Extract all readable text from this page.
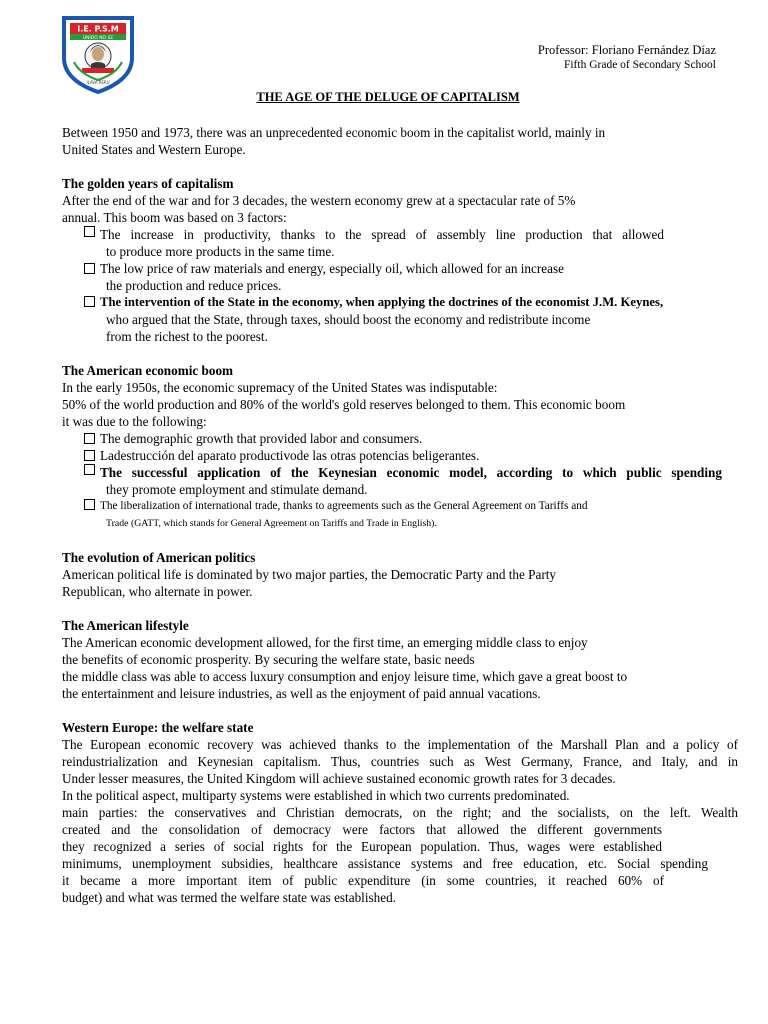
I.E. P.S.M
UNIDO NO SE
ILAVA PERU
Professor: Floriano Fernández Díaz
Fifth Grade of Secondary School
THE AGE OF THE DELUGE OF CAPITALISM
Between 1950 and 1973, there was an unprecedented economic boom in the capitalist world, mainly in
United States and Western Europe.
The golden years of capitalism
After the end of the war and for 3 decades, the western economy grew at a spectacular rate of 5%
annual. This boom was based on 3 factors:
The increase in productivity, thanks to the spread of assembly line production that allowed
to produce more products in the same time.
The low price of raw materials and energy, especially oil, which allowed for an increase
the production and reduce prices.
The intervention of the State in the economy, when applying the doctrines of the economist J.M. Keynes,
who argued that the State, through taxes, should boost the economy and redistribute income
from the richest to the poorest.
The American economic boom
In the early 1950s, the economic supremacy of the United States was indisputable:
50% of the world production and 80% of the world's gold reserves belonged to them. This economic boom
it was due to the following:
The demographic growth that provided labor and consumers.
Ladestrucción del aparato productivode las otras potencias beligerantes.
The successful application of the Keynesian economic model, according to which public spending
they promote employment and stimulate demand.
The liberalization of international trade, thanks to agreements such as the General Agreement on Tariffs and
Trade (GATT, which stands for General Agreement on Tariffs and Trade in English).
The evolution of American politics
American political life is dominated by two major parties, the Democratic Party and the Party
Republican, who alternate in power.
The American lifestyle
The American economic development allowed, for the first time, an emerging middle class to enjoy
the benefits of economic prosperity. By securing the welfare state, basic needs
the middle class was able to access luxury consumption and enjoy leisure time, which gave a great boost to
the entertainment and leisure industries, as well as the enjoyment of paid annual vacations.
Western Europe: the welfare state
The European economic recovery was achieved thanks to the implementation of the Marshall Plan and a policy of
reindustrialization and Keynesian capitalism. Thus, countries such as West Germany, France, and Italy, and in
Under lesser measures, the United Kingdom will achieve sustained economic growth rates for 3 decades.
In the political aspect, multiparty systems were established in which two currents predominated.
main parties: the conservatives and Christian democrats, on the right; and the socialists, on the left. Wealth
created and the consolidation of democracy were factors that allowed the different governments
they recognized a series of social rights for the European population. Thus, wages were established
minimums, unemployment subsidies, healthcare assistance systems and free education, etc. Social spending
it became a more important item of public expenditure (in some countries, it reached 60% of
budget) and what was termed the welfare state was established.
